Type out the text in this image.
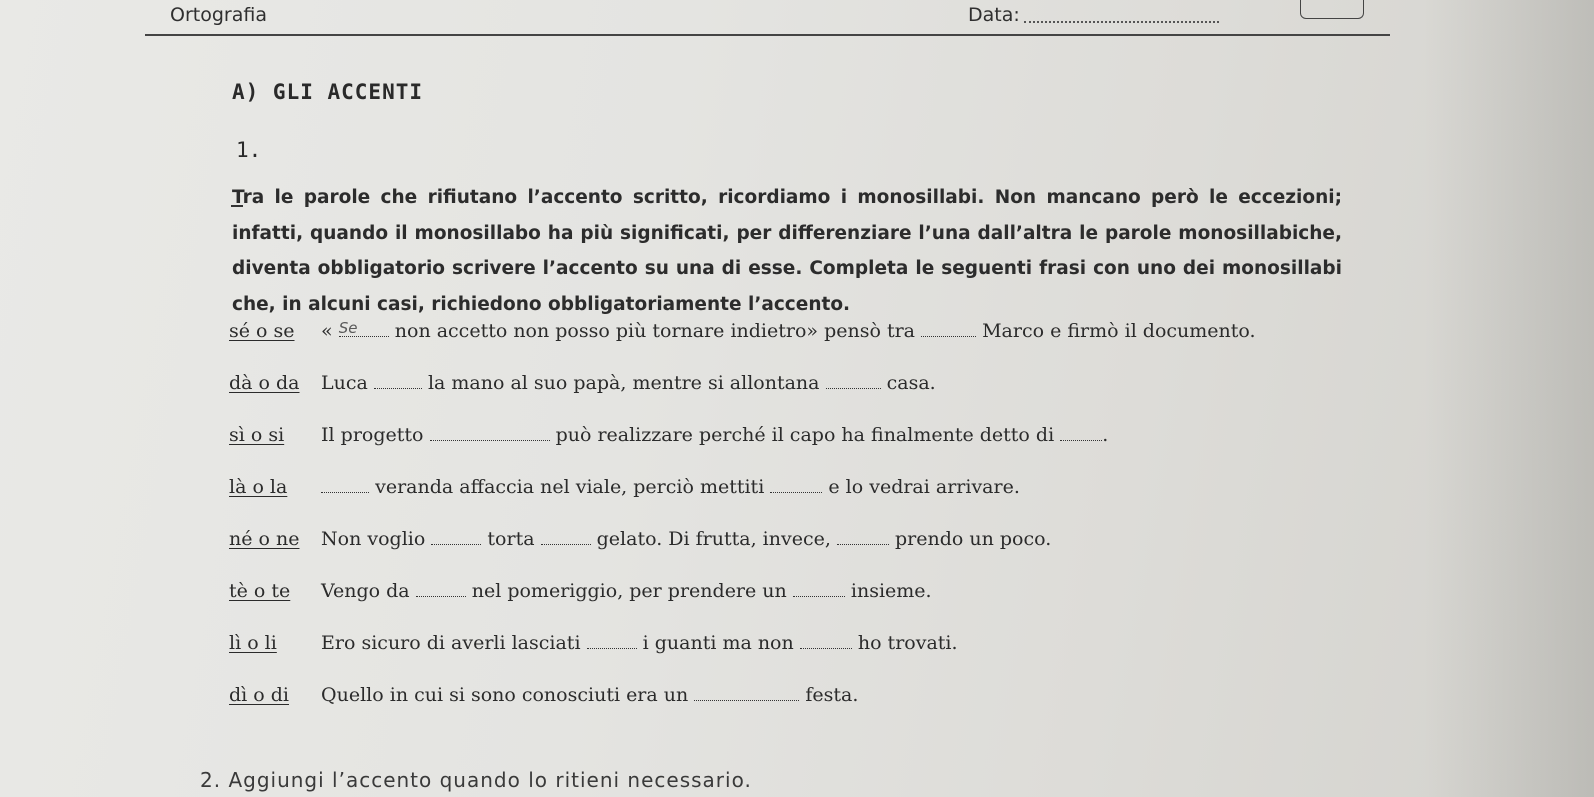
Ortografia	Data:
A) GLI ACCENTI
1.
Tra le parole che rifiutano l’accento scritto, ricordiamo i monosillabi. Non mancano però le eccezioni; infatti, quando il monosillabo ha più significati, per differenziare l’una dall’altra le parole monosillabiche, diventa obbligatorio scrivere l’accento su una di esse. Completa le seguenti frasi con uno dei monosillabi che, in alcuni casi, richiedono obbligatoriamente l’accento.
sé o se « $^{Se}$ non accetto non posso più tornare indietro» pensò tra	Marco e firmò il documento.
dà o da Luca	la mano al suo papà, mentre si allontana	casa.
sì o si Il progetto	può realizzare perché il capo ha finalmente detto di	.
là o la	veranda affaccia nel viale, perciò mettiti	e lo vedrai arrivare.
né o ne Non voglio	torta	gelato. Di frutta, invece,	prendo un poco.
tè o te Vengo da	nel pomeriggio, per prendere un	insieme.
lì o li Ero sicuro di averli lasciati	i guanti ma non	ho trovati.
dì o di Quello in cui si sono conosciuti era un	festa.
2. Aggiungi l’accento quando lo ritieni necessario.
